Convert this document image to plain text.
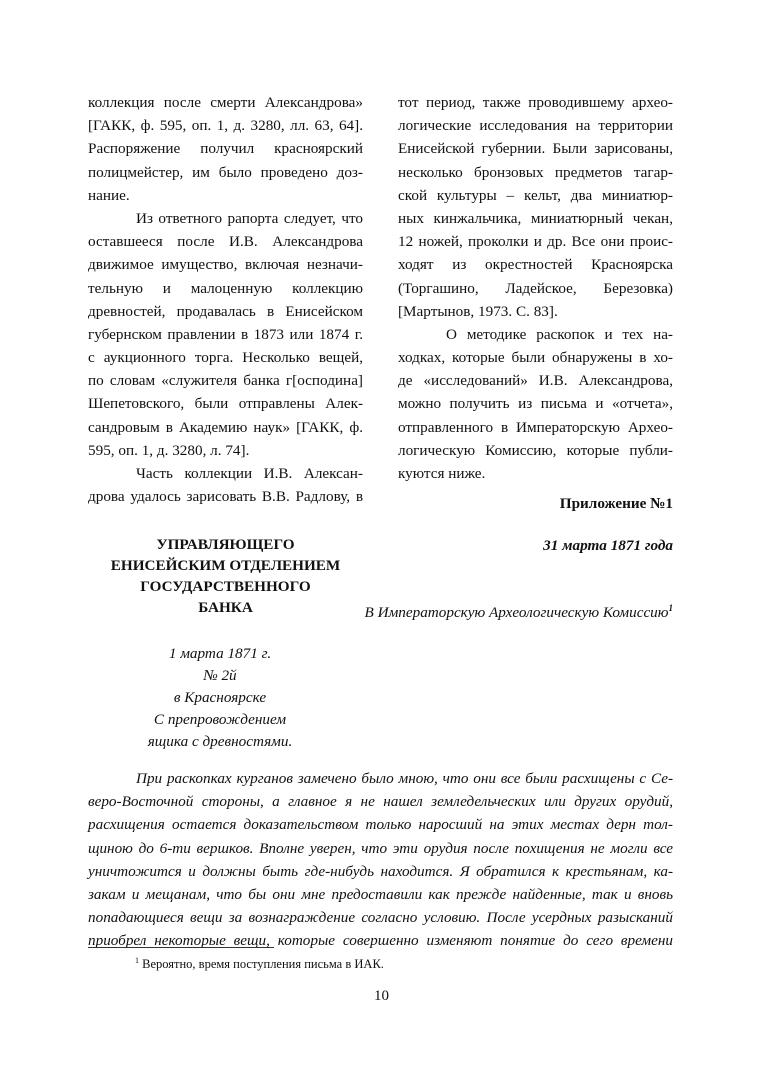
коллекция после смерти Александрова»
[ГАКК, ф. 595, оп. 1, д. 3280, лл. 63, 64].
Распоряжение получил красноярский
полицмейстер, им было проведено доз-
нание.
Из ответного рапорта следует, что
оставшееся после И.В. Александрова
движимое имущество, включая незначи-
тельную и малоценную коллекцию
древностей, продавалась в Енисейском
губернском правлении в 1873 или 1874 г.
с аукционного торга. Несколько вещей,
по словам «служителя банка г[осподина]
Шепетовского, были отправлены Алек-
сандровым в Академию наук» [ГАКК, ф.
595, оп. 1, д. 3280, л. 74].
Часть коллекции И.В. Алексан-
дрова удалось зарисовать В.В. Радлову, в
тот период, также проводившему архео-
логические исследования на территории
Енисейской губернии. Были зарисованы,
несколько бронзовых предметов тагар-
ской культуры – кельт, два миниатюр-
ных кинжальчика, миниатюрный чекан,
12 ножей, проколки и др. Все они проис-
ходят из окрестностей Красноярска
(Торгашино, Ладейское, Березовка)
[Мартынов, 1973. С. 83].
О методике раскопок и тех на-
ходках, которые были обнаружены в хо-
де «исследований» И.В. Александрова,
можно получить из письма и «отчета»,
отправленного в Императорскую Архео-
логическую Комиссию, которые публи-
куются ниже.
Приложение №1
УПРАВЛЯЮЩЕГО
ЕНИСЕЙСКИМ ОТДЕЛЕНИЕМ
ГОСУДАРСТВЕННОГО
БАНКА
31 марта 1871 года
В Императорскую Археологическую Комиссию$^1$
1 марта 1871 г.
№ 2й
в Красноярске
С препровождением
ящика с древностями.
При раскопках курганов замечено было мною, что они все были расхищены с Се-
веро-Восточной стороны, а главное я не нашел земледельческих или других орудий,
расхищения остается доказательством только наросший на этих местах дерн тол-
щиною до 6-ти вершков. Вполне уверен, что эти орудия после похищения не могли все
уничтожится и должны быть где-нибудь находится. Я обратился к крестьянам, ка-
закам и мещанам, что бы они мне предоставили как прежде найденные, так и вновь
попадающиеся вещи за вознаграждение согласно условию. После усердных разысканий
приобрел некоторые вещи, которые совершенно изменяют понятие до сего времени
$^1$ Вероятно, время поступления письма в ИАК.
10
